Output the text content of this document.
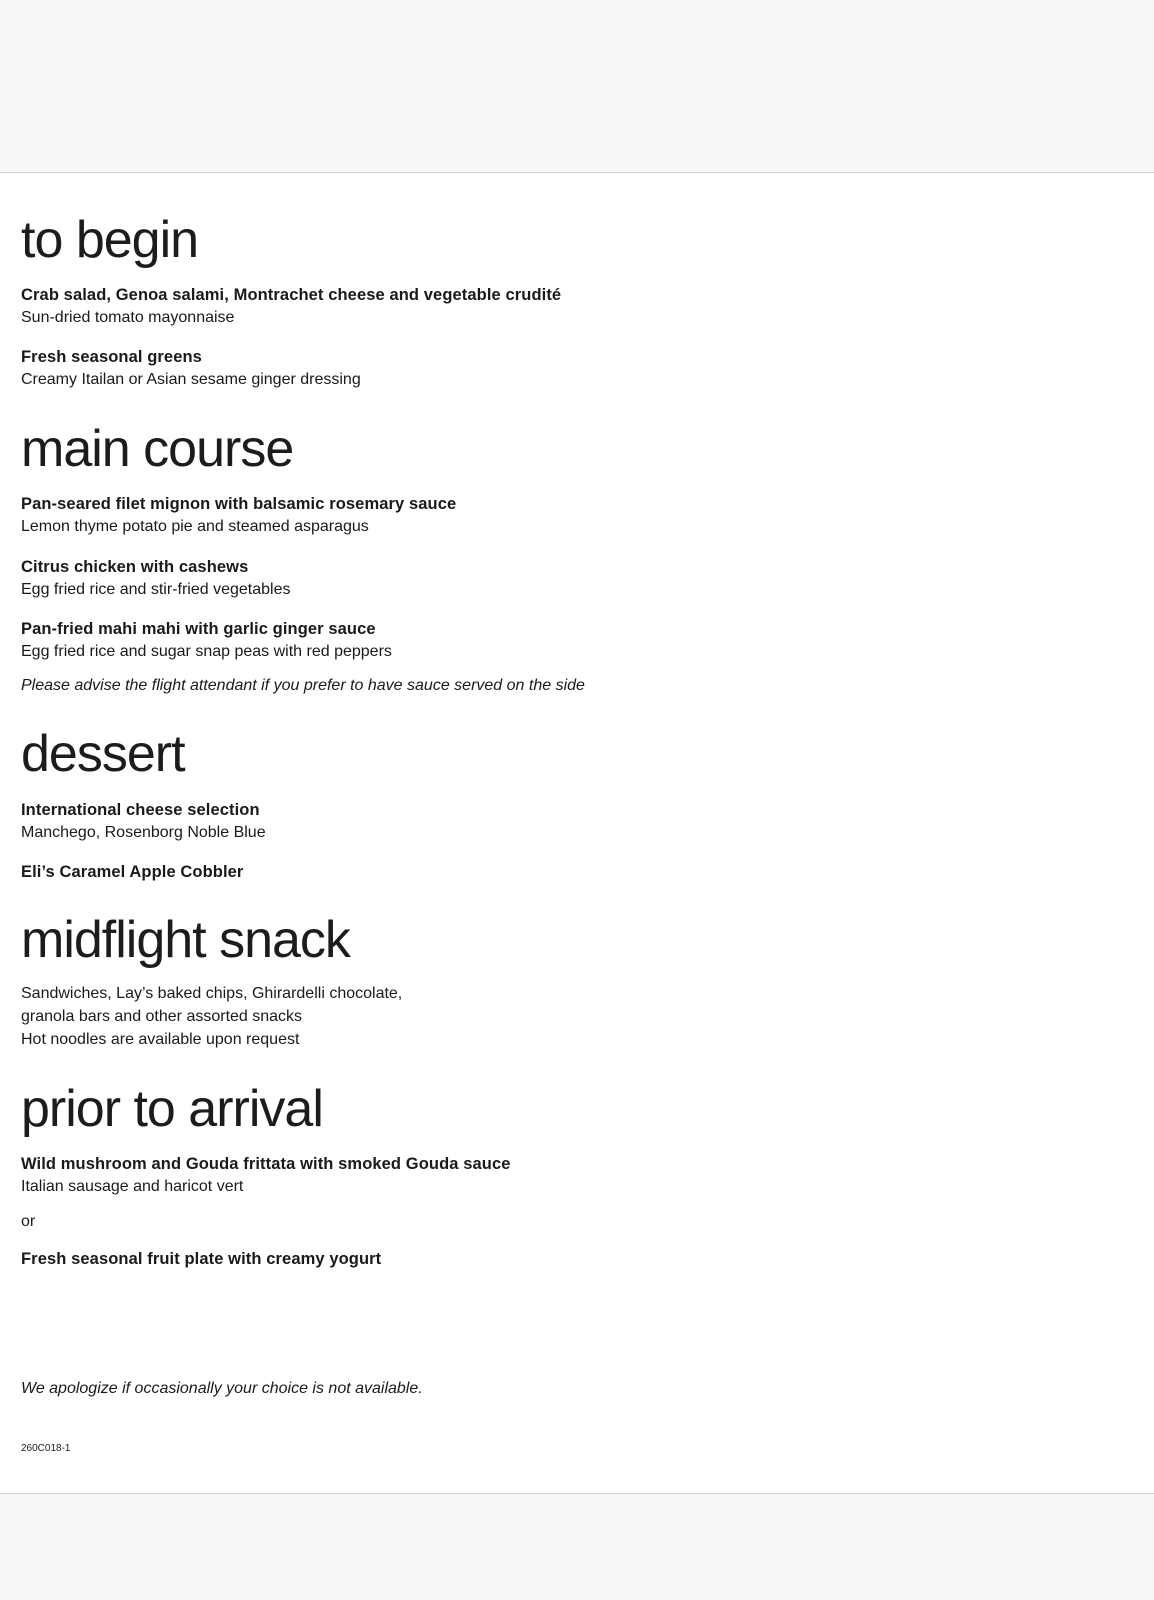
to begin
Crab salad, Genoa salami, Montrachet cheese and vegetable crudité
Sun-dried tomato mayonnaise
Fresh seasonal greens
Creamy Itailan or Asian sesame ginger dressing
main course
Pan-seared filet mignon with balsamic rosemary sauce
Lemon thyme potato pie and steamed asparagus
Citrus chicken with cashews
Egg fried rice and stir-fried vegetables
Pan-fried mahi mahi with garlic ginger sauce
Egg fried rice and sugar snap peas with red peppers
Please advise the flight attendant if you prefer to have sauce served on the side
dessert
International cheese selection
Manchego, Rosenborg Noble Blue
Eli’s Caramel Apple Cobbler
midflight snack
Sandwiches, Lay’s baked chips, Ghirardelli chocolate,
granola bars and other assorted snacks
Hot noodles are available upon request
prior to arrival
Wild mushroom and Gouda frittata with smoked Gouda sauce
Italian sausage and haricot vert
or
Fresh seasonal fruit plate with creamy yogurt
We apologize if occasionally your choice is not available.
260C018-1
